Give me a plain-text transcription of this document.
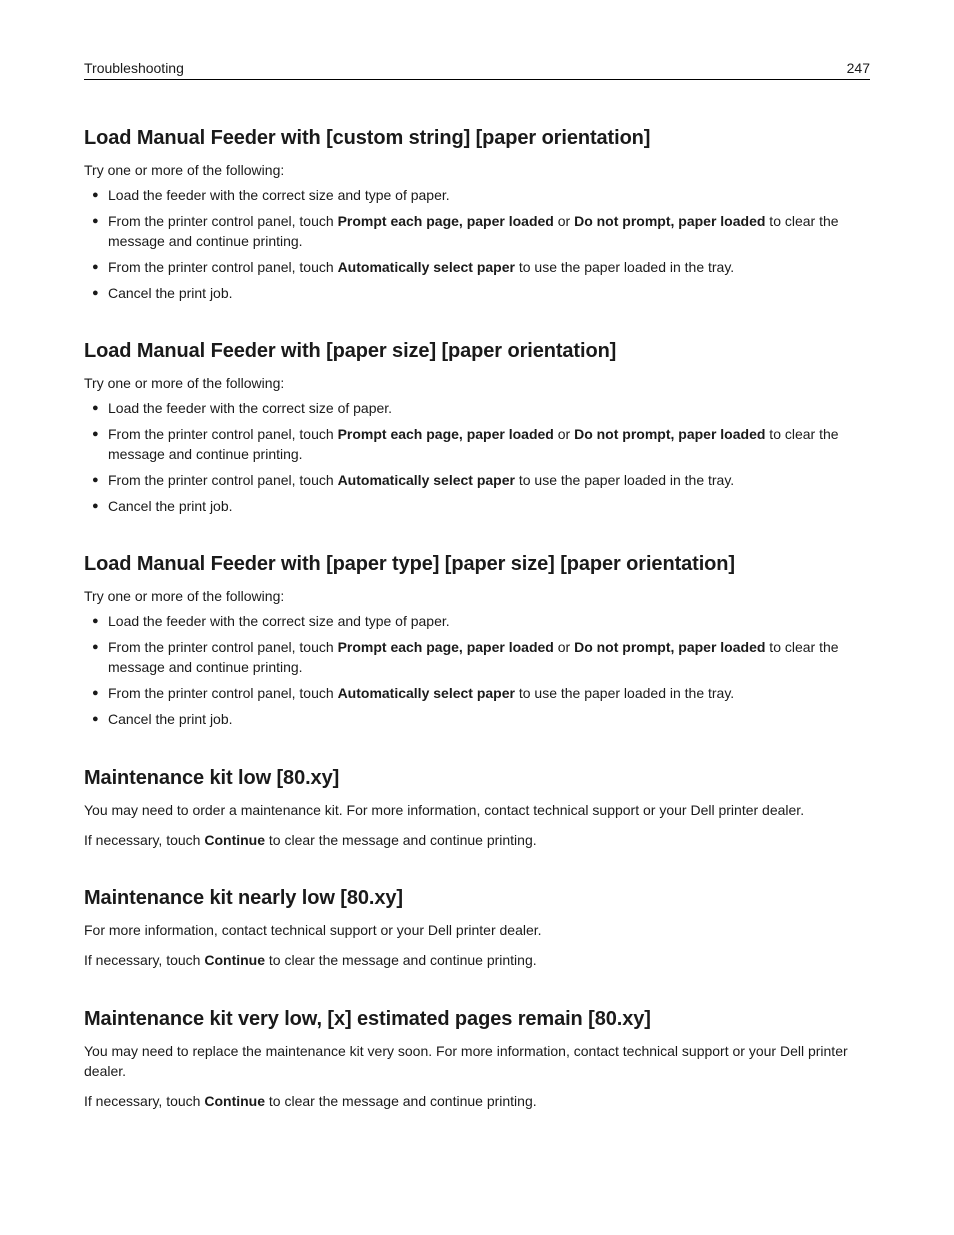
Troubleshooting	247
Load Manual Feeder with [custom string] [paper orientation]

Try one or more of the following:

● Load the feeder with the correct size and type of paper.
● From the printer control panel, touch Prompt each page, paper loaded or Do not prompt, paper loaded to clear the message and continue printing.
● From the printer control panel, touch Automatically select paper to use the paper loaded in the tray.
● Cancel the print job.
Load Manual Feeder with [paper size] [paper orientation]

Try one or more of the following:

● Load the feeder with the correct size of paper.
● From the printer control panel, touch Prompt each page, paper loaded or Do not prompt, paper loaded to clear the message and continue printing.
● From the printer control panel, touch Automatically select paper to use the paper loaded in the tray.
● Cancel the print job.
Load Manual Feeder with [paper type] [paper size] [paper orientation]

Try one or more of the following:

● Load the feeder with the correct size and type of paper.
● From the printer control panel, touch Prompt each page, paper loaded or Do not prompt, paper loaded to clear the message and continue printing.
● From the printer control panel, touch Automatically select paper to use the paper loaded in the tray.
● Cancel the print job.
Maintenance kit low [80.xy]

You may need to order a maintenance kit. For more information, contact technical support or your Dell printer dealer.

If necessary, touch Continue to clear the message and continue printing.

Maintenance kit nearly low [80.xy]

For more information, contact technical support or your Dell printer dealer.

If necessary, touch Continue to clear the message and continue printing.

Maintenance kit very low, [x] estimated pages remain [80.xy]

You may need to replace the maintenance kit very soon. For more information, contact technical support or your Dell printer dealer.

If necessary, touch Continue to clear the message and continue printing.
